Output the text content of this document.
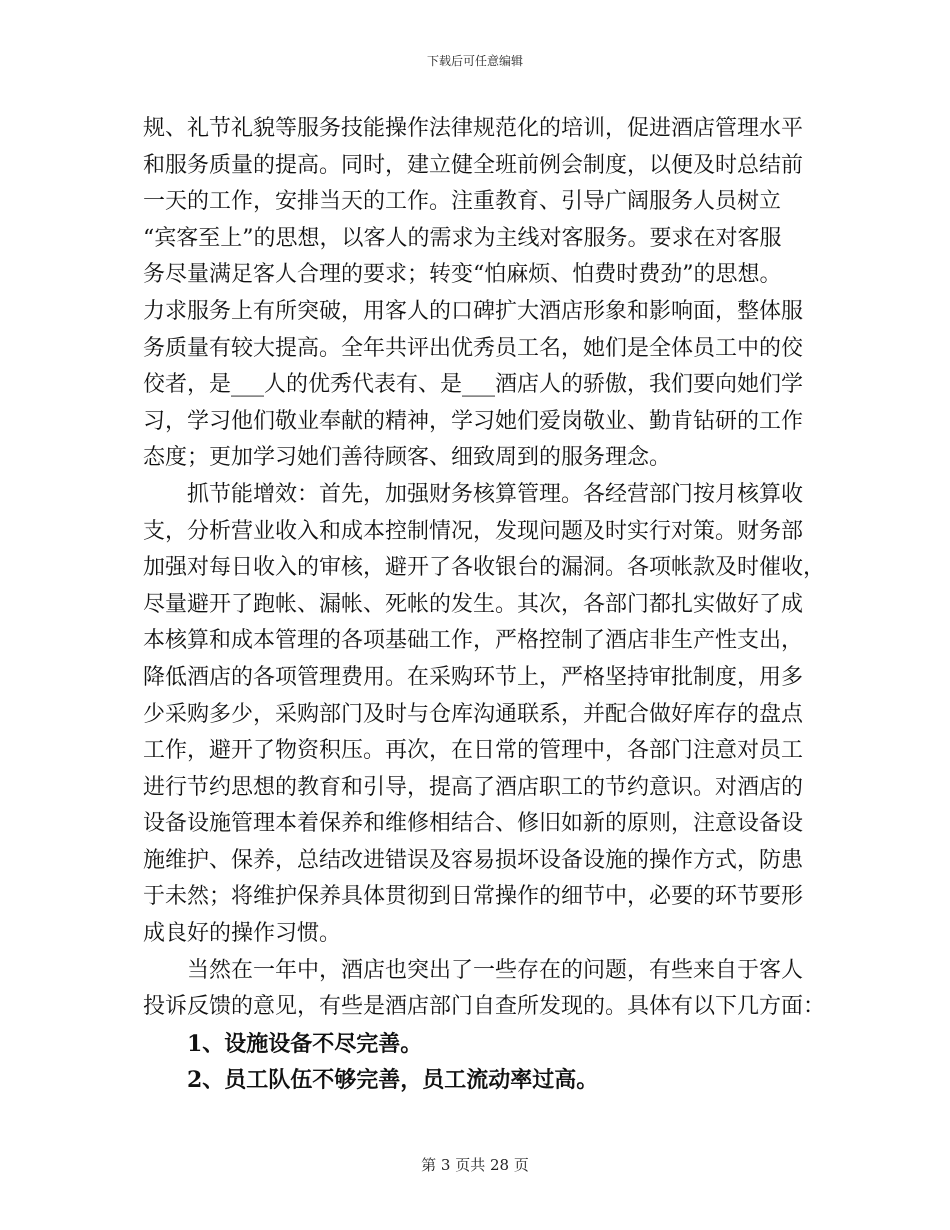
下载后可任意编辑
规、礼节礼貌等服务技能操作法律规范化的培训，促进酒店管理水平
和服务质量的提高。同时，建立健全班前例会制度，以便及时总结前
一天的工作，安排当天的工作。注重教育、引导广阔服务人员树立
“宾客至上”的思想，以客人的需求为主线对客服务。要求在对客服
务尽量满足客人合理的要求；转变“怕麻烦、怕费时费劲”的思想。
力求服务上有所突破，用客人的口碑扩大酒店形象和影响面，整体服
务质量有较大提高。全年共评出优秀员工名，她们是全体员工中的佼
佼者，是___人的优秀代表有、是___酒店人的骄傲，我们要向她们学
习，学习他们敬业奉献的精神，学习她们爱岗敬业、勤肯钻研的工作
态度；更加学习她们善待顾客、细致周到的服务理念。
抓节能增效：首先，加强财务核算管理。各经营部门按月核算收
支，分析营业收入和成本控制情况，发现问题及时实行对策。财务部
加强对每日收入的审核，避开了各收银台的漏洞。各项帐款及时催收，
尽量避开了跑帐、漏帐、死帐的发生。其次，各部门都扎实做好了成
本核算和成本管理的各项基础工作，严格控制了酒店非生产性支出，
降低酒店的各项管理费用。在采购环节上，严格坚持审批制度，用多
少采购多少，采购部门及时与仓库沟通联系，并配合做好库存的盘点
工作，避开了物资积压。再次，在日常的管理中，各部门注意对员工
进行节约思想的教育和引导，提高了酒店职工的节约意识。对酒店的
设备设施管理本着保养和维修相结合、修旧如新的原则，注意设备设
施维护、保养，总结改进错误及容易损坏设备设施的操作方式，防患
于未然；将维护保养具体贯彻到日常操作的细节中，必要的环节要形
成良好的操作习惯。
当然在一年中，酒店也突出了一些存在的问题，有些来自于客人
投诉反馈的意见，有些是酒店部门自查所发现的。具体有以下几方面：
1、设施设备不尽完善。
2、员工队伍不够完善，员工流动率过高。
第 3 页共 28 页
